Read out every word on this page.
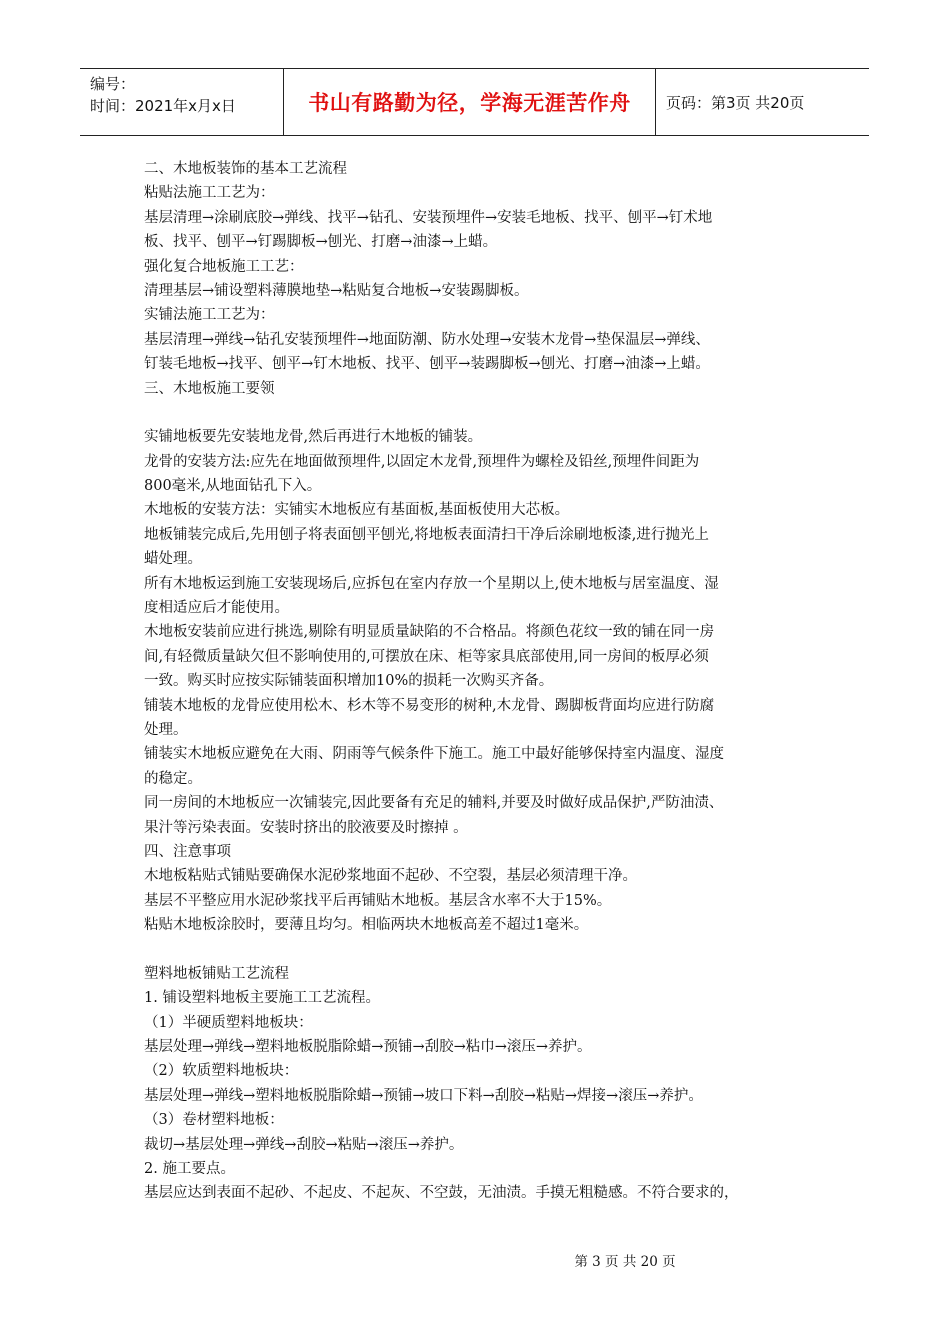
编号：
时间：2021年x月x日	书山有路勤为径，学海无涯苦作舟	页码：第3页 共20页
二、木地板装饰的基本工艺流程
粘贴法施工工艺为：
基层清理→涂刷底胶→弹线、找平→钻孔、安装预埋件→安装毛地板、找平、刨平→钉术地
板、找平、刨平→钉踢脚板→刨光、打磨→油漆→上蜡。
强化复合地板施工工艺：
清理基层→铺设塑料薄膜地垫→粘贴复合地板→安装踢脚板。
实铺法施工工艺为：
基层清理→弹线→钻孔安装预埋件→地面防潮、防水处理→安装木龙骨→垫保温层→弹线、
钉装毛地板→找平、刨平→钉木地板、找平、刨平→装踢脚板→刨光、打磨→油漆→上蜡。
三、木地板施工要领
实铺地板要先安装地龙骨,然后再进行木地板的铺装。
龙骨的安装方法:应先在地面做预埋件,以固定木龙骨,预埋件为螺栓及铅丝,预埋件间距为
800毫米,从地面钻孔下入。
木地板的安装方法：实铺实木地板应有基面板,基面板使用大芯板。
地板铺装完成后,先用刨子将表面刨平刨光,将地板表面清扫干净后涂刷地板漆,进行抛光上
蜡处理。
所有木地板运到施工安装现场后,应拆包在室内存放一个星期以上,使木地板与居室温度、湿
度相适应后才能使用。
木地板安装前应进行挑选,剔除有明显质量缺陷的不合格品。将颜色花纹一致的铺在同一房
间,有轻微质量缺欠但不影响使用的,可摆放在床、柜等家具底部使用,同一房间的板厚必须
一致。购买时应按实际铺装面积增加10%的损耗一次购买齐备。
铺装木地板的龙骨应使用松木、杉木等不易变形的树种,木龙骨、踢脚板背面均应进行防腐
处理。
铺装实木地板应避免在大雨、阴雨等气候条件下施工。施工中最好能够保持室内温度、湿度
的稳定。
同一房间的木地板应一次铺装完,因此要备有充足的辅料,并要及时做好成品保护,严防油渍、
果汁等污染表面。安装时挤出的胶液要及时擦掉 。
四、注意事项
木地板粘贴式铺贴要确保水泥砂浆地面不起砂、不空裂，基层必须清理干净。
基层不平整应用水泥砂浆找平后再铺贴木地板。基层含水率不大于15%。
粘贴木地板涂胶时，要薄且均匀。相临两块木地板高差不超过1毫米。
塑料地板铺贴工艺流程
1. 铺设塑料地板主要施工工艺流程。
（1）半硬质塑料地板块：
基层处理→弹线→塑料地板脱脂除蜡→预铺→刮胶→粘巾→滚压→养护。
（2）软质塑料地板块：
基层处理→弹线→塑料地板脱脂除蜡→预铺→坡口下料→刮胶→粘贴→焊接→滚压→养护。
（3）卷材塑料地板：
裁切→基层处理→弹线→刮胶→粘贴→滚压→养护。
2. 施工要点。
基层应达到表面不起砂、不起皮、不起灰、不空鼓，无油渍。手摸无粗糙感。不符合要求的，
第 3 页 共 20 页
